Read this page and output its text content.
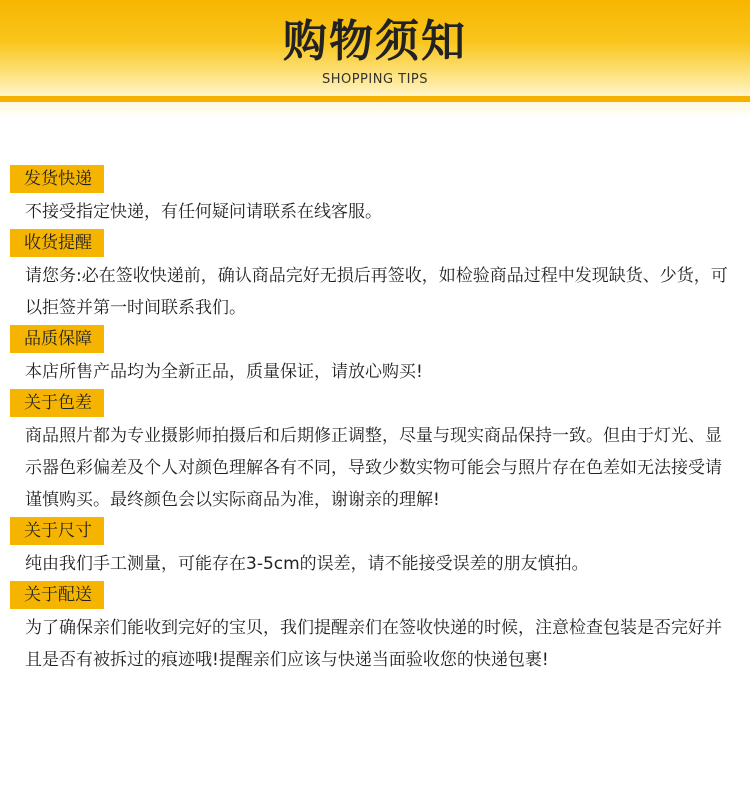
购物须知
SHOPPING TIPS
发货快递

不接受指定快递，有任何疑问请联系在线客服。

收货提醒

请您务:必在签收快递前，确认商品完好无损后再签收，如检验商品过程中发现缺货、少货，可以拒签并第一时间联系我们。

品质保障

本店所售产品均为全新正品，质量保证，请放心购买!

关于色差

商品照片都为专业摄影师拍摄后和后期修正调整，尽量与现实商品保持一致。但由于灯光、显示器色彩偏差及个人对颜色理解各有不同，导致少数实物可能会与照片存在色差如无法接受请谨慎购买。最终颜色会以实际商品为准，谢谢亲的理解!

关于尺寸

纯由我们手工测量，可能存在3-5cm的误差，请不能接受误差的朋友慎拍。

关于配送

为了确保亲们能收到完好的宝贝，我们提醒亲们在签收快递的时候，注意检查包装是否完好并且是否有被拆过的痕迹哦!提醒亲们应该与快递当面验收您的快递包裹!
